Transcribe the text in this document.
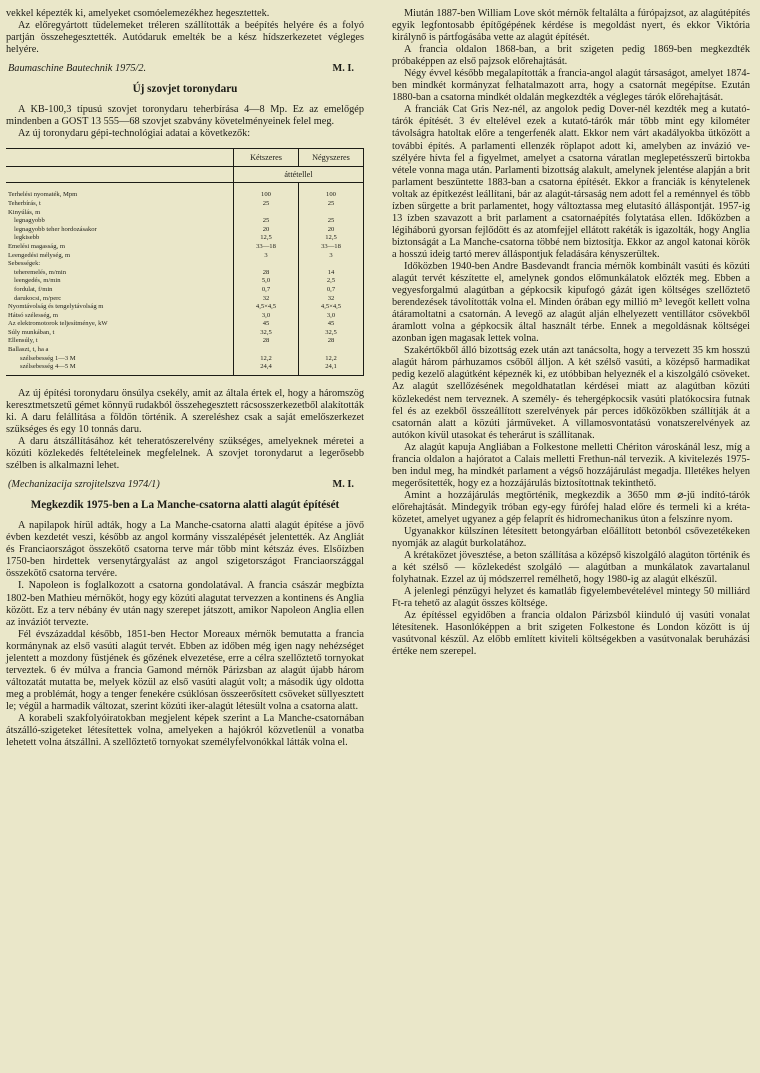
vekkel képezték ki, amelyeket csomóelemezékhez hegesztettek.

Az előregyártott tüdelemeket tréleren szállították a beépítés helyére és a folyó partján összehegesztették. Autódaruk emelték be a kész hídszerkezetet végleges helyére.

Baumaschine Bautechnik 1975/2.	M. I.
Új szovjet toronydaru

A KB-100,3 típusú szovjet toronydaru teherbírása 4—8 Mp. Ez az emelőgép mindenben a GOST 13 555—68 szovjet szabvány követelményeinek felel meg.

Az új toronydaru gépi-technológiai adatai a következők:

	Kétszeres	Négyszeres
	áttétellel	
Terhelési nyomaték, Mpm	100	100
Teherbírás, t	25	25
Kinyúlás, m		
legnagyobb	25	25
legnagyobb teher hordozásakor	20	20
legkisebb	12,5	12,5
Emelési magasság, m	33—18	33—18
Leengedési mélység, m	3	3
Sebességek:		
teheremelés, m/min	28	14
leengedés, m/min	5,0	2,5
fordulat, f/min	0,7	0,7
darukocsi, m/perc	32	32
Nyomtávolság és tengelytávolság m	4,5×4,5	4,5×4,5
Hátsó szélesség, m	3,0	3,0
Az elektromotorok teljesítménye, kW	45	45
Súly munkában, t	32,5	32,5
Ellensúly, t	28	28
Ballaszt, t, ha a		
szélsebesség 1—3 M	12,2	12,2
szélsebesség 4—5 M	24,4	24,1

Az új építési toronydaru önsúlya csekély, amit az általa értek el, hogy a háromszög keresztmetszetű gémet könnyű rudakból összehegesztett rácsosszerkezetből alakították ki. A daru felállítása a földön történik. A szereléshez csak a saját emelőszerkezet szükséges és egy 10 tonnás daru.

A daru átszállításához két teheratószerelvény szükséges, amelyeknek méretei a közúti közlekedés feltételeinek megfelelnek. A szovjet toronydarut a legerősebb szélben is alkalmazni lehet.

(Mechanizacija szrojitelszva 1974/1)	M. I.
Megkezdik 1975-ben a La Manche-csatorna alatti alagút építését

A napilapok hírül adták, hogy a La Manche-csatorna alatti alagút építése a jövő évben kezdetét veszi, később az angol kormány visszalépését jelentették. Az Angliát és Franciaországot összekötő csatorna terve már több mint kétszáz éves. Elsőízben 1750-ben hirdettek versenytárgyalást az angol szigetországot Franciaországgal összekötő csatorna tervére.

I. Napoleon is foglalkozott a csatorna gondolatával. A francia császár megbízta 1802-ben Mathieu mérnököt, hogy egy közúti alagutat tervezzen a kontinens és Anglia között. Ez a terv nébány év után nagy szerepet játszott, amikor Napoleon Anglia ellen az inváziót tervezte.

Fél évszázaddal később, 1851-ben Hector Moreaux mérnök bemutatta a francia kormánynak az első vasúti alagút tervét. Ebben az időben még igen nagy nehézséget jelentett a mozdony füstjének és gőzének elvezetése, erre a célra szellőztető tornyokat terveztek. 6 év múlva a francia Gamond mérnök Párizsban az alagút újabb három változatát mutatta be, melyek közül az első vasúti alagút volt; a második úgy oldotta meg a problémát, hogy a tenger fenekére csúklósan összeerősített csöveket süllyesztett le; végül a harmadik változat, szerint közúti iker-alagút létesült volna a csatorna alatt.

A korabeli szakfolyóiratokban megjelent képek szerint a La Manche-csatornában átszálló-szigeteket létesítettek volna, amelyeken a hajókról közvetlenül a vonatba lehetett volna átszállni. A szellőztető tornyokat személyfelvonókkal látták volna el.

Miután 1887-ben William Love skót mérnök feltalálta a fúrópajzsot, az alagútépítés egyik legfontosabb építőgépének kérdése is megoldást nyert, és ekkor Viktória királynő is pártfogásába vette az alagút építését.

A francia oldalon 1868-ban, a brit szigeten pedig 1869-ben megkezdték próbaképpen az első pajzsok előrehajtását.

Négy évvel később megalapították a francia-angol alagút társaságot, amelyet 1874-ben mindkét kormányzat felhatalmazott arra, hogy a csatornát megépítse. Ezután 1880-ban a csatorna mindkét oldalán megkezdték a végleges tárók előrehajtását.

A franciák Cat Gris Nez-nél, az angolok pedig Dover-nél kezdték meg a kutató-tárók építését. 3 év eltelével ezek a kutató-tárók már több mint egy kilométer távolságra hatoltak előre a tengerfenék alatt. Ekkor nem várt akadályokba ütközött a további építés. A parlamenti ellenzék röplapot adott ki, amelyben az invázió veszélyére hívta fel a figyelmet, amelyet a csatorna váratlan meglepetésszerű birtokba vétele vonna maga után. Parlamenti bizottság alakult, amelynek jelentése alapján a brit parlament beszüntette 1883-ban a csatorna építését. Ekkor a franciák is kénytelenek voltak az építkezést leállítani, bár az alagút-társaság nem adott fel a reménnyel és több ízben sürgette a brit parlamentet, hogy változtassa meg elutasító álláspontját. 1957-ig 13 ízben szavazott a brit parlament a csatornaépítés folytatása ellen. Időközben a légiháború gyorsan fejlődött és az atomfejjel ellátott rakéták is igazolták, hogy Anglia biztonságát a La Manche-csatorna többé nem biztosítja. Ekkor az angol katonai körök a hosszú ideig tartó merev álláspontjuk feladására kényszerültek.

Időközben 1940-ben Andre Basdevandt francia mérnök kombinált vasúti és közúti alagút tervét készítette el, amelynek gondos előmunkálatok előzték meg. Ebben a vegyesforgalmú alagútban a gépkocsik kipufogó gázát igen költséges szellőztető berendezések távolították volna el. Minden órában egy millió m³ levegőt kellett volna átáramoltatni a csatornán. A levegő az alagút alján elhelyezett ventillátor csövekből áramlott volna a gépkocsik által használt térbe. Ennek a megoldásnak költségei azonban igen magasak lettek volna.

Szakértőkből álló bizottság ezek után azt tanácsolta, hogy a tervezett 35 km hosszú alagút három párhuzamos csőből álljon. A két szélső vasúti, a középső harmadikat pedig kezelő alagútként képeznék ki, ez utóbbiban helyeznék el a kiszolgáló csöveket. Az alagút szellőzésének megoldhatatlan kérdései miatt az alagútban közúti közlekedést nem terveznek. A személy- és tehergépkocsik vasúti platókocsira futnak fel és az ezekből összeállított szerelvények pár perces időközökben szállítják át a csatornán alatt a közúti járműveket. A villamosvontatású vonatszerelvények az autókon kívül utasokat és teherárut is szállítanak.

Az alagút kapuja Angliában a Folkestone melletti Chériton városkánál lesz, míg a francia oldalon a hajóratot a Calais melletti Frethun-nál tervezik. A kivitelezés 1975-ben indul meg, ha mindkét parlament a végső hozzájárulást megadja. Illetékes helyen megerősítették, hogy ez a hozzájárulás biztosítottnak tekinthető.

Amint a hozzájárulás megtörténik, megkezdik a 3650 mm ⌀-jű indító-tárók előrehajtását. Mindegyik tróban egy-egy fúrófej halad előre és termeli ki a krétaközetet, amelyet ugyanez a gép felaprít és hidromechanikus úton a felszínre nyom.

Ugyanakkor külszínen létesített betongyárban előállított betonból csővezetékeken nyomják az alagút burkolatához.

A krétaközet jövesztése, a beton szállítása a középső kiszolgáló alagúton történik és a két szélső — közlekedést szolgáló — alagútban a munkálatok zavartalanul folyhatnak. Ezzel az új módszerrel remélhető, hogy 1980-ig az alagút elkészül.

A jelenlegi pénzügyi helyzet és kamatláb figyelembevételével mintegy 50 milliárd Ft-ra tehető az alagút összes költsége.

Az építéssel egyidőben a francia oldalon Párizsból kiinduló új vasúti vonalat létesítenek. Hasonlóképpen a brit szigeten Folkestone és London között is új vasútvonal készül. Az előbb említett kiviteli költségekben a vasútvonalak beruházási értéke nem szerepel.
